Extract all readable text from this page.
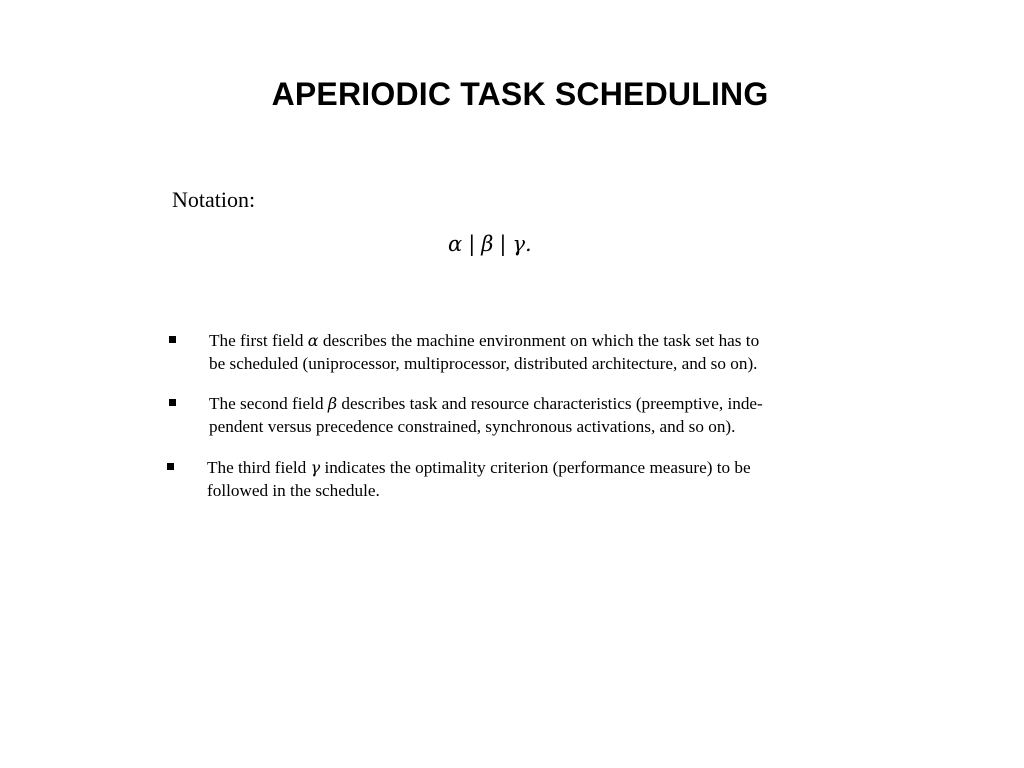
APERIODIC TASK SCHEDULING
Notation:
α | β | γ.
The first field α describes the machine environment on which the task set has to
be scheduled (uniprocessor, multiprocessor, distributed architecture, and so on).
The second field β describes task and resource characteristics (preemptive, inde-
pendent versus precedence constrained, synchronous activations, and so on).
The third field γ indicates the optimality criterion (performance measure) to be
followed in the schedule.
